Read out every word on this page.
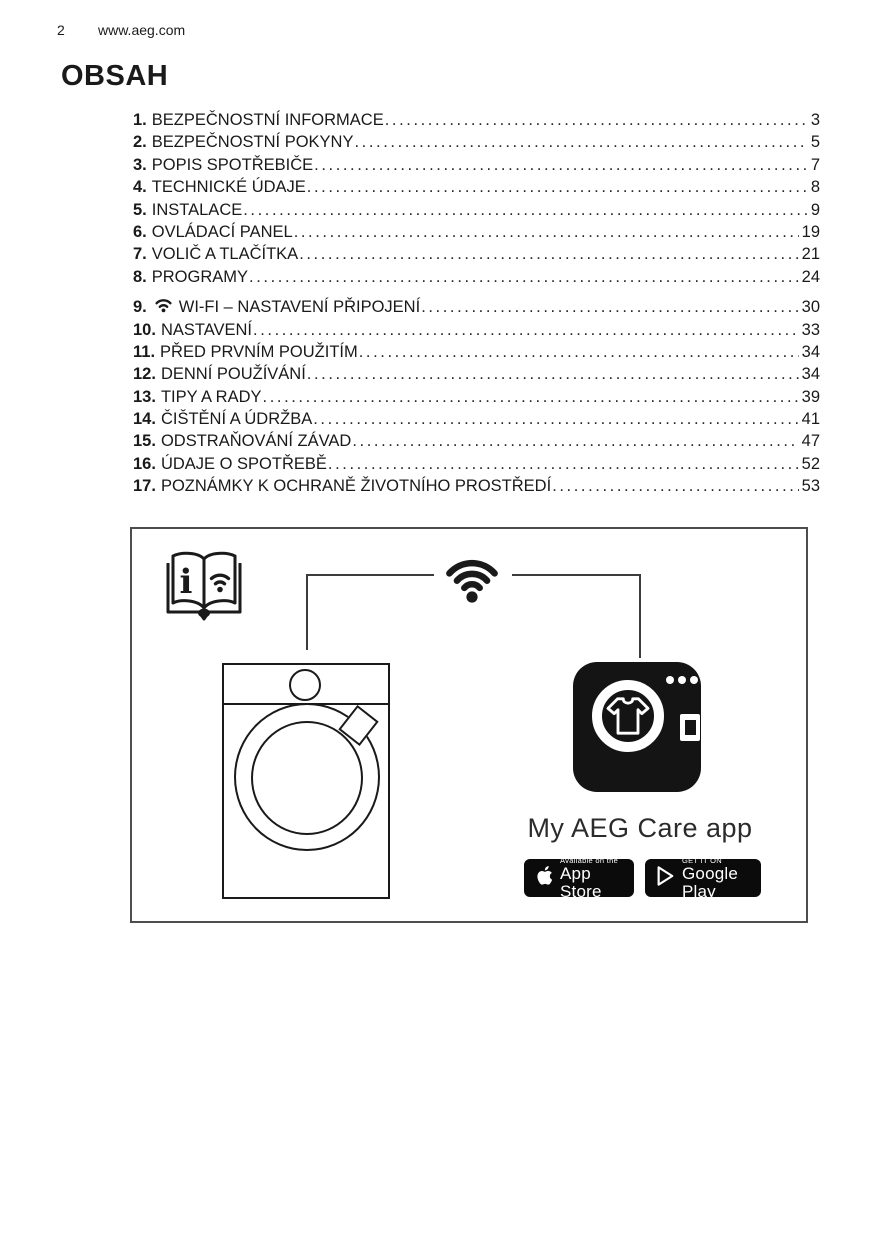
2 www.aeg.com
OBSAH
1. BEZPEČNOSTNÍ INFORMACE .....	3
2. BEZPEČNOSTNÍ POKYNY .....	5
3. POPIS SPOTŘEBIČE .....	7
4. TECHNICKÉ ÚDAJE .....	8
5. INSTALACE .....	9
6. OVLÁDACÍ PANEL .....	19
7. VOLIČ A TLAČÍTKA .....	21
8. PROGRAMY .....	24
9. WI-FI – NASTAVENÍ PŘIPOJENÍ .....	30
10. NASTAVENÍ .....	33
11. PŘED PRVNÍM POUŽITÍM .....	34
12. DENNÍ POUŽÍVÁNÍ .....	34
13. TIPY A RADY .....	39
14. ČIŠTĚNÍ A ÚDRŽBA .....	41
15. ODSTRAŇOVÁNÍ ZÁVAD .....	47
16. ÚDAJE O SPOTŘEBĚ .....	52
17. POZNÁMKY K OCHRANĚ ŽIVOTNÍHO PROSTŘEDÍ .....	53
i
My AEG Care app
Available on the
App Store
GET IT ON
Google Play
